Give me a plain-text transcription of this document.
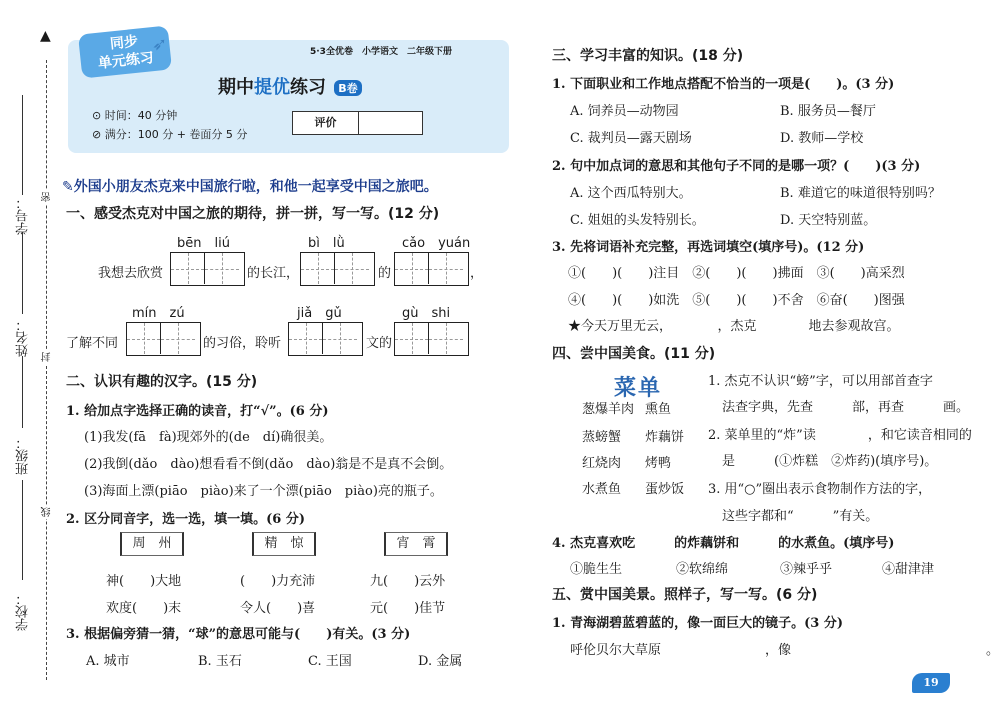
▲
学号：
姓名：
班级：
学校：
密
封
线
同步
单元练习
➶	5·3全优卷　小学语文　二年级下册
期中提优练习 B卷
⊙ 时间：40 分钟
⊘ 满分：100 分 + 卷面分 5 分
评价
✎外国小朋友杰克来中国旅行啦，和他一起享受中国之旅吧。
一、感受杰克对中国之旅的期待，拼一拼，写一写。(12 分)
bēn　liú	bì　lǜ	cǎo　yuán
我想去欣赏	的长江，	的	，
mín　zú	jiǎ　gǔ	gù　shi
了解不同	的习俗，聆听	文的
二、认识有趣的汉字。(15 分)
1. 给加点字选择正确的读音，打“√”。(6 分)
(1)我发(fā　fà)现郊外的(de　dí)确很美。
(2)我倒(dǎo　dào)想看看不倒(dǎo　dào)翁是不是真不会倒。
(3)海面上漂(piāo　piào)来了一个漂(piāo　piào)亮的瓶子。
2. 区分同音字，选一选，填一填。(6 分)
周　州	精　惊	宵　霄
神(　　)大地	(　　)力充沛	九(　　)云外
欢度(　　)末	令人(　　)喜	元(　　)佳节
3. 根据偏旁猜一猜，“球”的意思可能与(　　)有关。(3 分)
A. 城市	B. 玉石	C. 王国	D. 金属
三、学习丰富的知识。(18 分)
1. 下面职业和工作地点搭配不恰当的一项是(　　)。(3 分)
A. 饲养员—动物园	B. 服务员—餐厅
C. 裁判员—露天剧场	D. 教师—学校
2. 句中加点词的意思和其他句子不同的是哪一项？(　　)(3 分)
A. 这个西瓜特别大。	B. 难道它的味道很特别吗？
C. 姐姐的头发特别长。	D. 天空特别蓝。
3. 先将词语补充完整，再选词填空(填序号)。(12 分)
①(　　)(　　)注目　②(　　)(　　)拂面　③(　　)高采烈
④(　　)(　　)如洗　⑤(　　)(　　)不舍　⑥奋(　　)图强
★今天万里无云，　　　　，杰克　　　　地去参观故宫。
四、尝中国美食。(11 分)
菜单
葱爆羊肉 熏鱼
蒸螃蟹 炸藕饼
红烧肉 烤鸭
水煮鱼 蛋炒饭
1. 杰克不认识“螃”字，可以用部首查字
法查字典，先查　　　部，再查　　　画。
2. 菜单里的“炸”读　　　　，和它读音相同的
是　　　(①炸糕　②炸药)(填序号)。
3. 用“○”圈出表示食物制作方法的字，
这些字都和“　　　”有关。
4. 杰克喜欢吃　　　的炸藕饼和　　　的水煮鱼。(填序号)
①脆生生	②软绵绵	③辣乎乎	④甜津津
五、赏中国美景。照样子，写一写。(6 分)
1. 青海湖碧蓝碧蓝的，像一面巨大的镜子。(3 分)
呼伦贝尔大草原　　　　　　　　，像　　　　　　　　　　　　　　　。
19
